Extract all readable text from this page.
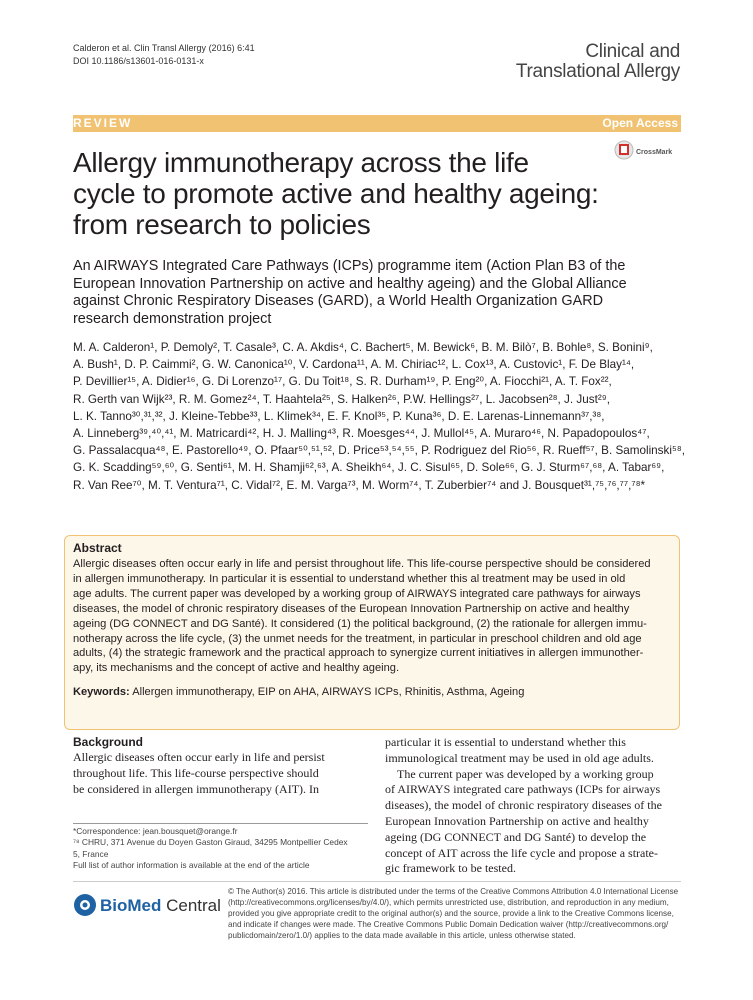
Calderon et al. Clin Transl Allergy (2016) 6:41
DOI 10.1186/s13601-016-0131-x	Clinical and
Translational Allergy
REVIEW	Open Access
CrossMark
Allergy immunotherapy across the life
cycle to promote active and healthy ageing:
from research to policies
An AIRWAYS Integrated Care Pathways (ICPs) programme item (Action Plan B3 of the
European Innovation Partnership on active and healthy ageing) and the Global Alliance
against Chronic Respiratory Diseases (GARD), a World Health Organization GARD
research demonstration project
M. A. Calderon¹, P. Demoly², T. Casale³, C. A. Akdis⁴, C. Bachert⁵, M. Bewick⁶, B. M. Bilò⁷, B. Bohle⁸, S. Bonini⁹,
A. Bush¹, D. P. Caimmi², G. W. Canonica¹⁰, V. Cardona¹¹, A. M. Chiriac¹², L. Cox¹³, A. Custovic¹, F. De Blay¹⁴,
P. Devillier¹⁵, A. Didier¹⁶, G. Di Lorenzo¹⁷, G. Du Toit¹⁸, S. R. Durham¹⁹, P. Eng²⁰, A. Fiocchi²¹, A. T. Fox²²,
R. Gerth van Wijk²³, R. M. Gomez²⁴, T. Haahtela²⁵, S. Halken²⁶, P.W. Hellings²⁷, L. Jacobsen²⁸, J. Just²⁹,
L. K. Tanno³⁰,³¹,³², J. Kleine-Tebbe³³, L. Klimek³⁴, E. F. Knol³⁵, P. Kuna³⁶, D. E. Larenas-Linnemann³⁷,³⁸,
A. Linneberg³⁹,⁴⁰,⁴¹, M. Matricardi⁴², H. J. Malling⁴³, R. Moesges⁴⁴, J. Mullol⁴⁵, A. Muraro⁴⁶, N. Papadopoulos⁴⁷,
G. Passalacqua⁴⁸, E. Pastorello⁴⁹, O. Pfaar⁵⁰,⁵¹,⁵², D. Price⁵³,⁵⁴,⁵⁵, P. Rodriguez del Rio⁵⁶, R. Rueff⁵⁷, B. Samolinski⁵⁸,
G. K. Scadding⁵⁹,⁶⁰, G. Senti⁶¹, M. H. Shamji⁶²,⁶³, A. Sheikh⁶⁴, J. C. Sisul⁶⁵, D. Sole⁶⁶, G. J. Sturm⁶⁷,⁶⁸, A. Tabar⁶⁹,
R. Van Ree⁷⁰, M. T. Ventura⁷¹, C. Vidal⁷², E. M. Varga⁷³, M. Worm⁷⁴, T. Zuberbier⁷⁴ and J. Bousquet³¹,⁷⁵,⁷⁶,⁷⁷,⁷⁸*
Abstract
Allergic diseases often occur early in life and persist throughout life. This life-course perspective should be considered
in allergen immunotherapy. In particular it is essential to understand whether this al treatment may be used in old
age adults. The current paper was developed by a working group of AIRWAYS integrated care pathways for airways
diseases, the model of chronic respiratory diseases of the European Innovation Partnership on active and healthy
ageing (DG CONNECT and DG Santé). It considered (1) the political background, (2) the rationale for allergen immu-
notherapy across the life cycle, (3) the unmet needs for the treatment, in particular in preschool children and old age
adults, (4) the strategic framework and the practical approach to synergize current initiatives in allergen immunother-
apy, its mechanisms and the concept of active and healthy ageing.
Keywords: Allergen immunotherapy, EIP on AHA, AIRWAYS ICPs, Rhinitis, Asthma, Ageing
Background
Allergic diseases often occur early in life and persist
throughout life. This life-course perspective should
be considered in allergen immunotherapy (AIT). In
particular it is essential to understand whether this
immunological treatment may be used in old age adults.
The current paper was developed by a working group
of AIRWAYS integrated care pathways (ICPs for airways
diseases), the model of chronic respiratory diseases of the
European Innovation Partnership on active and healthy
ageing (DG CONNECT and DG Santé) to develop the
concept of AIT across the life cycle and propose a strate-
gic framework to be tested.
*Correspondence: jean.bousquet@orange.fr
⁷⁸ CHRU, 371 Avenue du Doyen Gaston Giraud, 34295 Montpellier Cedex
5, France
Full list of author information is available at the end of the article
BioMed Central
© The Author(s) 2016. This article is distributed under the terms of the Creative Commons Attribution 4.0 International License
(http://creativecommons.org/licenses/by/4.0/), which permits unrestricted use, distribution, and reproduction in any medium,
provided you give appropriate credit to the original author(s) and the source, provide a link to the Creative Commons license,
and indicate if changes were made. The Creative Commons Public Domain Dedication waiver (http://creativecommons.org/
publicdomain/zero/1.0/) applies to the data made available in this article, unless otherwise stated.
